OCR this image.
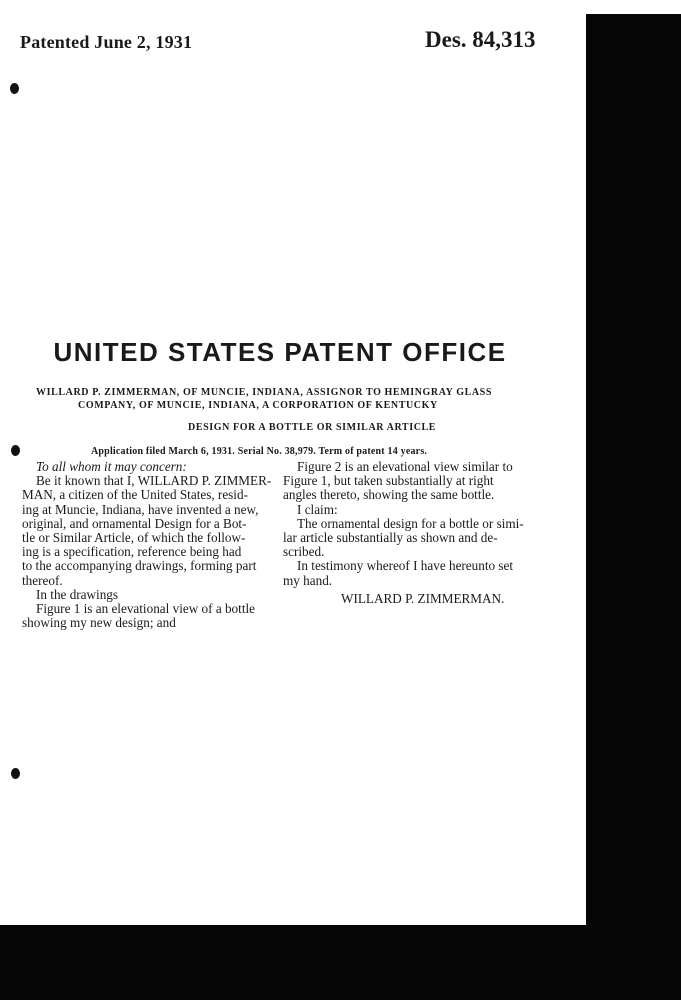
Patented June 2, 1931	Des. 84,313
UNITED STATES PATENT OFFICE
WILLARD P. ZIMMERMAN, OF MUNCIE, INDIANA, ASSIGNOR TO HEMINGRAY GLASS
COMPANY, OF MUNCIE, INDIANA, A CORPORATION OF KENTUCKY
DESIGN FOR A BOTTLE OR SIMILAR ARTICLE
Application filed March 6, 1931. Serial No. 38,979. Term of patent 14 years.
To all whom it may concern:
Be it known that I, WILLARD P. ZIMMER-
MAN, a citizen of the United States, resid-
ing at Muncie, Indiana, have invented a new,
original, and ornamental Design for a Bot-
tle or Similar Article, of which the follow-
ing is a specification, reference being had
to the accompanying drawings, forming part
thereof.
In the drawings
Figure 1 is an elevational view of a bottle
showing my new design; and
Figure 2 is an elevational view similar to
Figure 1, but taken substantially at right
angles thereto, showing the same bottle.
I claim:
The ornamental design for a bottle or simi-
lar article substantially as shown and de-
scribed.
In testimony whereof I have hereunto set
my hand.
WILLARD P. ZIMMERMAN.
